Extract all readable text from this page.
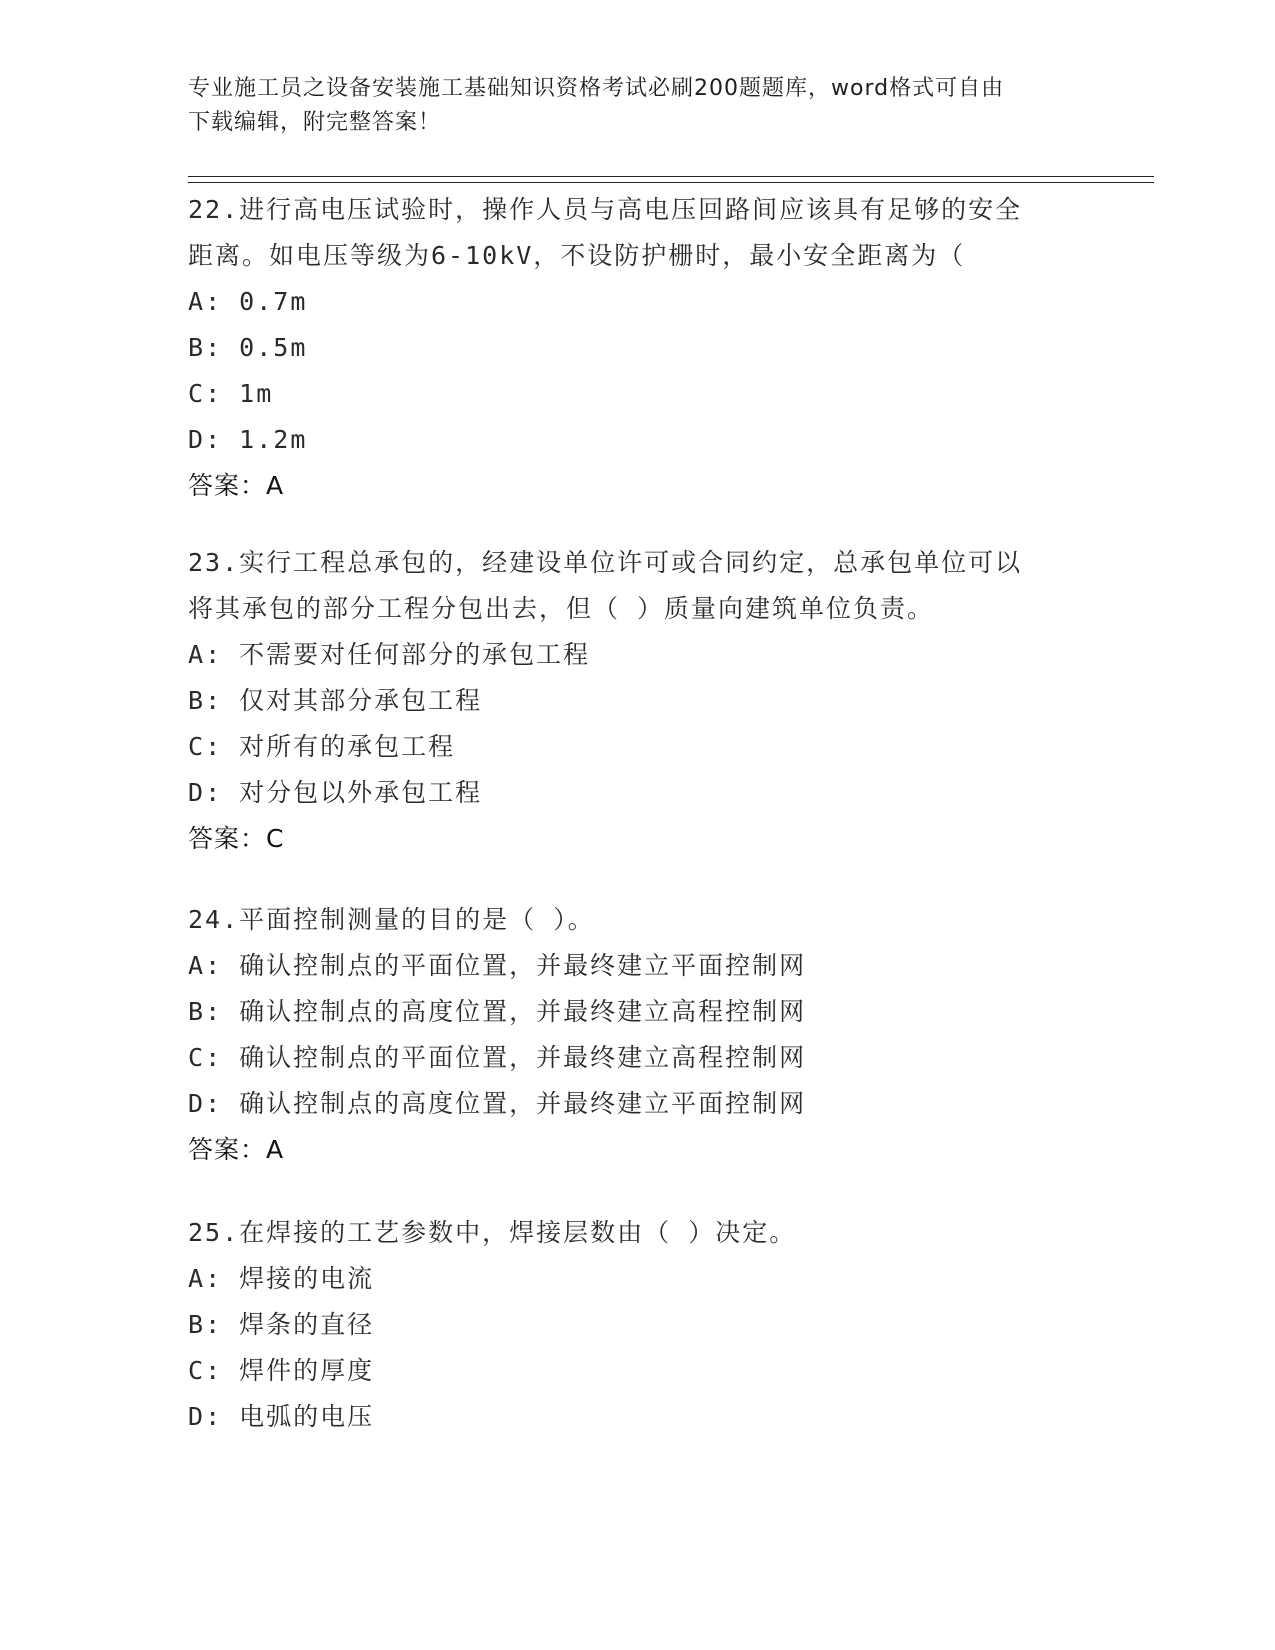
专业施工员之设备安装施工基础知识资格考试必刷200题题库，word格式可自由
下载编辑，附完整答案！

22.进行高电压试验时，操作人员与高电压回路间应该具有足够的安全

距离。如电压等级为6-10kV，不设防护栅时，最小安全距离为（

A: 0.7m

B: 0.5m

C: 1m

D: 1.2m

答案：A

23.实行工程总承包的，经建设单位许可或合同约定，总承包单位可以

将其承包的部分工程分包出去，但（ ）质量向建筑单位负责。

A: 不需要对任何部分的承包工程

B: 仅对其部分承包工程

C: 对所有的承包工程

D: 对分包以外承包工程

答案：C

24.平面控制测量的目的是（ ）。

A: 确认控制点的平面位置，并最终建立平面控制网

B: 确认控制点的高度位置，并最终建立高程控制网

C: 确认控制点的平面位置，并最终建立高程控制网

D: 确认控制点的高度位置，并最终建立平面控制网

答案：A

25.在焊接的工艺参数中，焊接层数由（ ）决定。

A: 焊接的电流

B: 焊条的直径

C: 焊件的厚度

D: 电弧的电压
